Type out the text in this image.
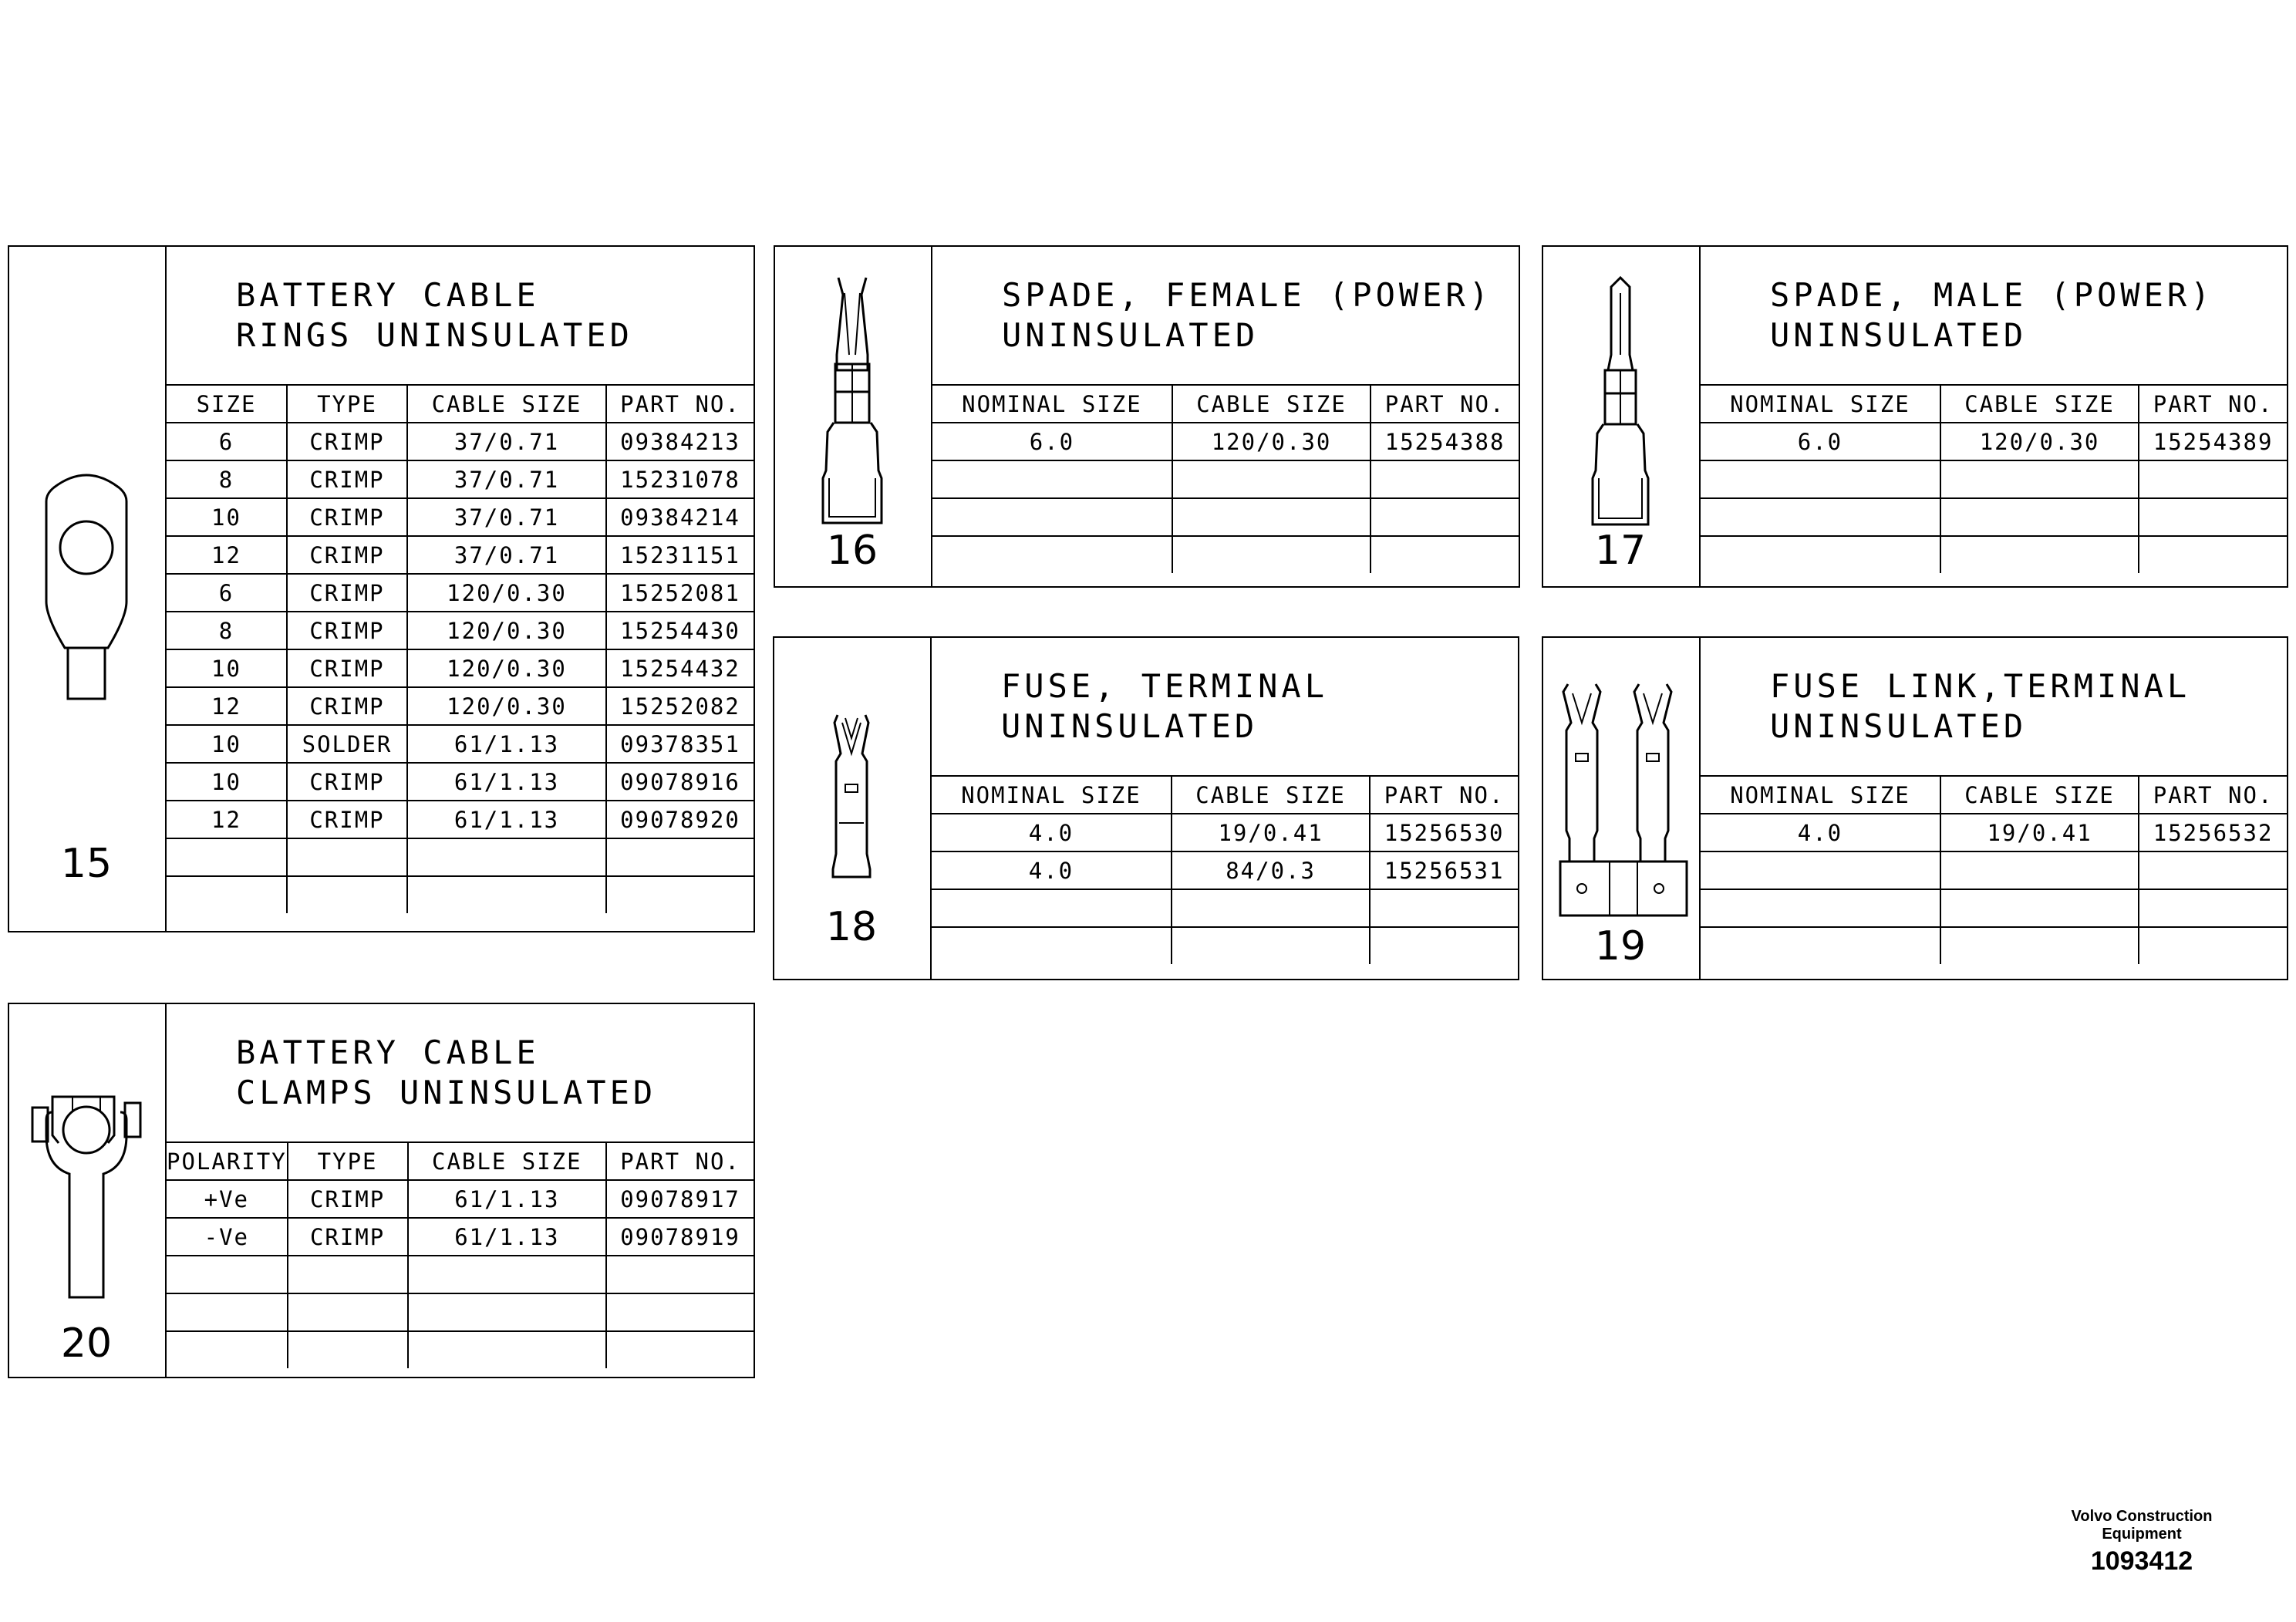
15
BATTERY CABLE
RINGS UNINSULATED
SIZE	TYPE	CABLE SIZE	PART NO.
6	CRIMP	37/0.71	09384213
8	CRIMP	37/0.71	15231078
10	CRIMP	37/0.71	09384214
12	CRIMP	37/0.71	15231151
6	CRIMP	120/0.30	15252081
8	CRIMP	120/0.30	15254430
10	CRIMP	120/0.30	15254432
12	CRIMP	120/0.30	15252082
10	SOLDER	61/1.13	09378351
10	CRIMP	61/1.13	09078916
12	CRIMP	61/1.13	09078920

16
SPADE, FEMALE (POWER)
UNINSULATED
NOMINAL SIZE	CABLE SIZE	PART NO.
6.0	120/0.30	15254388

17
SPADE, MALE (POWER)
UNINSULATED
NOMINAL SIZE	CABLE SIZE	PART NO.
6.0	120/0.30	15254389

18
FUSE, TERMINAL
UNINSULATED
NOMINAL SIZE	CABLE SIZE	PART NO.
4.0	19/0.41	15256530
4.0	84/0.3	15256531

19
FUSE LINK,TERMINAL
UNINSULATED
NOMINAL SIZE	CABLE SIZE	PART NO.
4.0	19/0.41	15256532

20
BATTERY CABLE
CLAMPS UNINSULATED
POLARITY	TYPE	CABLE SIZE	PART NO.
+Ve	CRIMP	61/1.13	09078917
-Ve	CRIMP	61/1.13	09078919

Volvo Construction
Equipment
1093412
